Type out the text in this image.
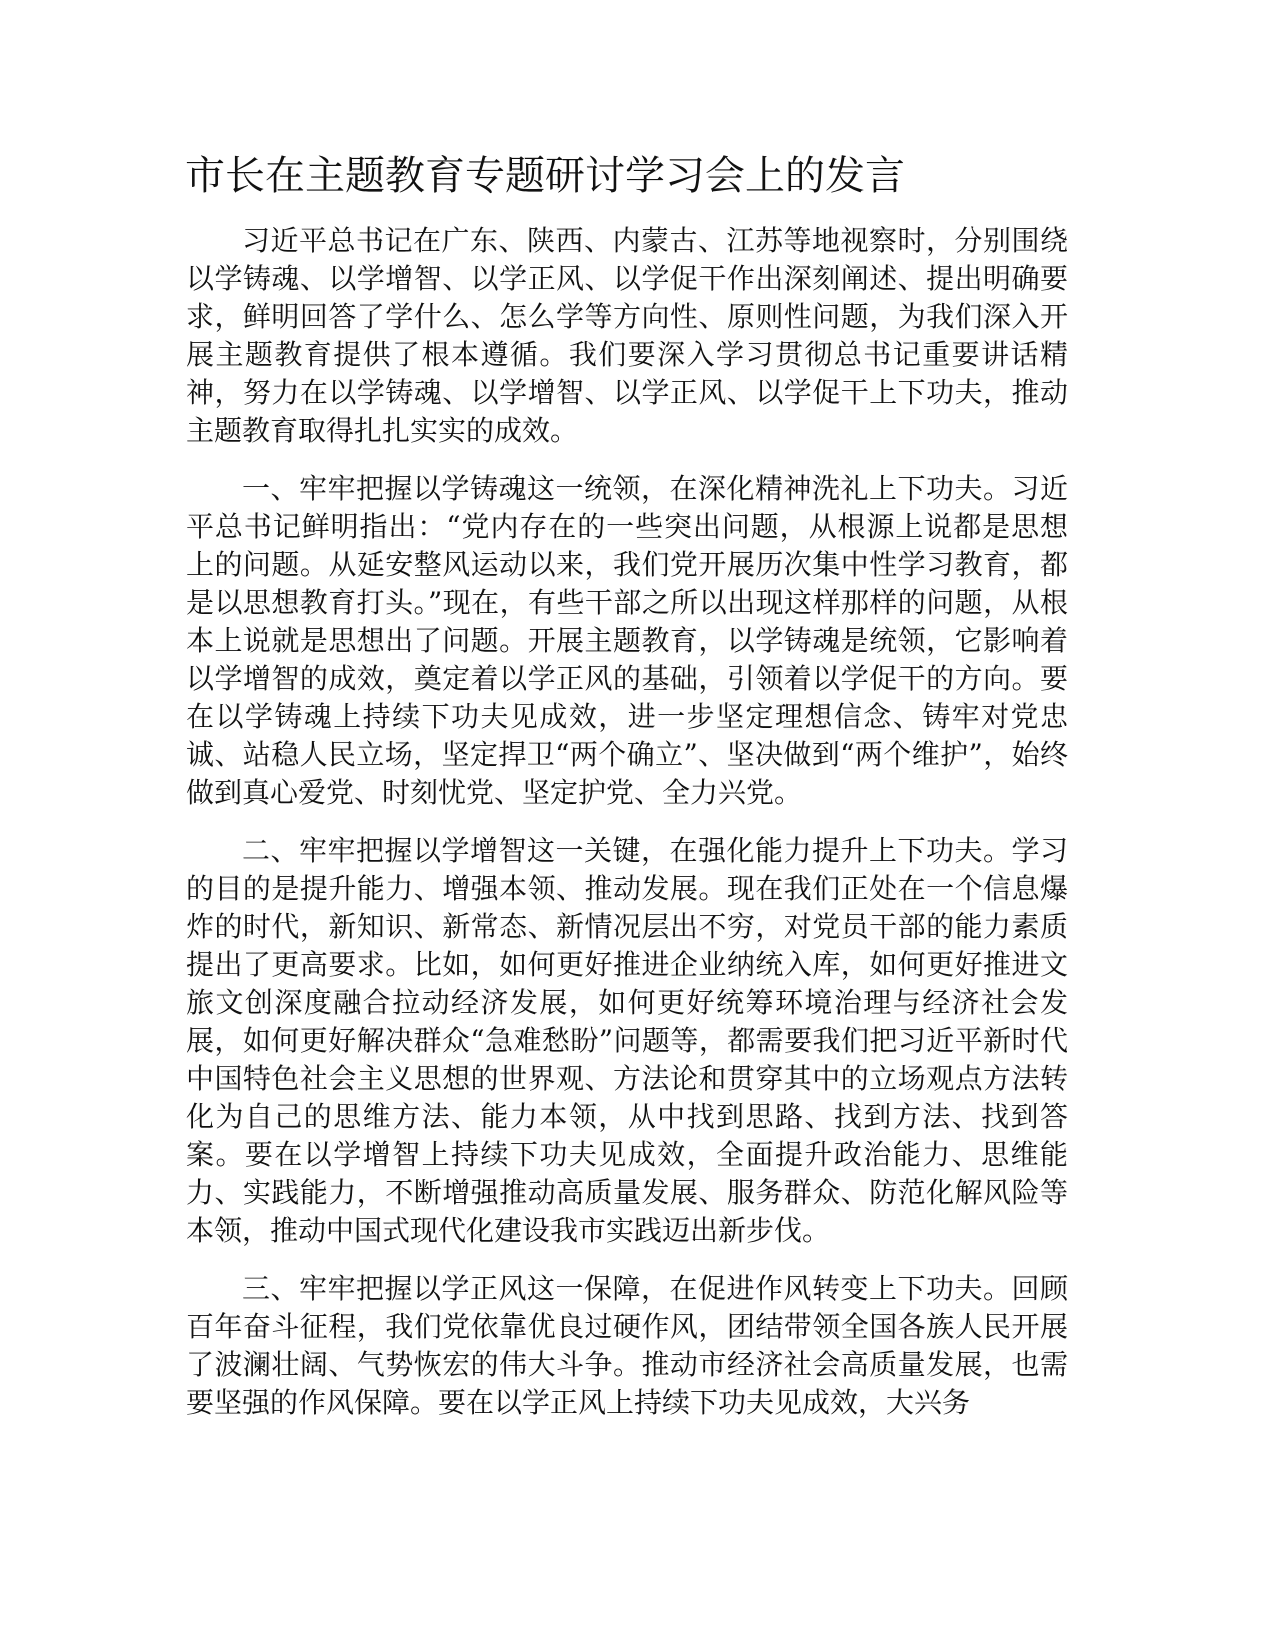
市长在主题教育专题研讨学习会上的发言

习近平总书记在广东、陕西、内蒙古、江苏等地视察时，分别围绕以学铸魂、以学增智、以学正风、以学促干作出深刻阐述、提出明确要求，鲜明回答了学什么、怎么学等方向性、原则性问题，为我们深入开展主题教育提供了根本遵循。我们要深入学习贯彻总书记重要讲话精神，努力在以学铸魂、以学增智、以学正风、以学促干上下功夫，推动主题教育取得扎扎实实的成效。

一、牢牢把握以学铸魂这一统领，在深化精神洗礼上下功夫。习近平总书记鲜明指出：“党内存在的一些突出问题，从根源上说都是思想上的问题。从延安整风运动以来，我们党开展历次集中性学习教育，都是以思想教育打头。”现在，有些干部之所以出现这样那样的问题，从根本上说就是思想出了问题。开展主题教育，以学铸魂是统领，它影响着以学增智的成效，奠定着以学正风的基础，引领着以学促干的方向。要在以学铸魂上持续下功夫见成效，进一步坚定理想信念、铸牢对党忠诚、站稳人民立场，坚定捍卫“两个确立”、坚决做到“两个维护”，始终做到真心爱党、时刻忧党、坚定护党、全力兴党。

二、牢牢把握以学增智这一关键，在强化能力提升上下功夫。学习的目的是提升能力、增强本领、推动发展。现在我们正处在一个信息爆炸的时代，新知识、新常态、新情况层出不穷，对党员干部的能力素质提出了更高要求。比如，如何更好推进企业纳统入库，如何更好推进文旅文创深度融合拉动经济发展，如何更好统筹环境治理与经济社会发展，如何更好解决群众“急难愁盼”问题等，都需要我们把习近平新时代中国特色社会主义思想的世界观、方法论和贯穿其中的立场观点方法转化为自己的思维方法、能力本领，从中找到思路、找到方法、找到答案。要在以学增智上持续下功夫见成效，全面提升政治能力、思维能力、实践能力，不断增强推动高质量发展、服务群众、防范化解风险等本领，推动中国式现代化建设我市实践迈出新步伐。

三、牢牢把握以学正风这一保障，在促进作风转变上下功夫。回顾百年奋斗征程，我们党依靠优良过硬作风，团结带领全国各族人民开展了波澜壮阔、气势恢宏的伟大斗争。推动市经济社会高质量发展，也需要坚强的作风保障。要在以学正风上持续下功夫见成效，大兴务
